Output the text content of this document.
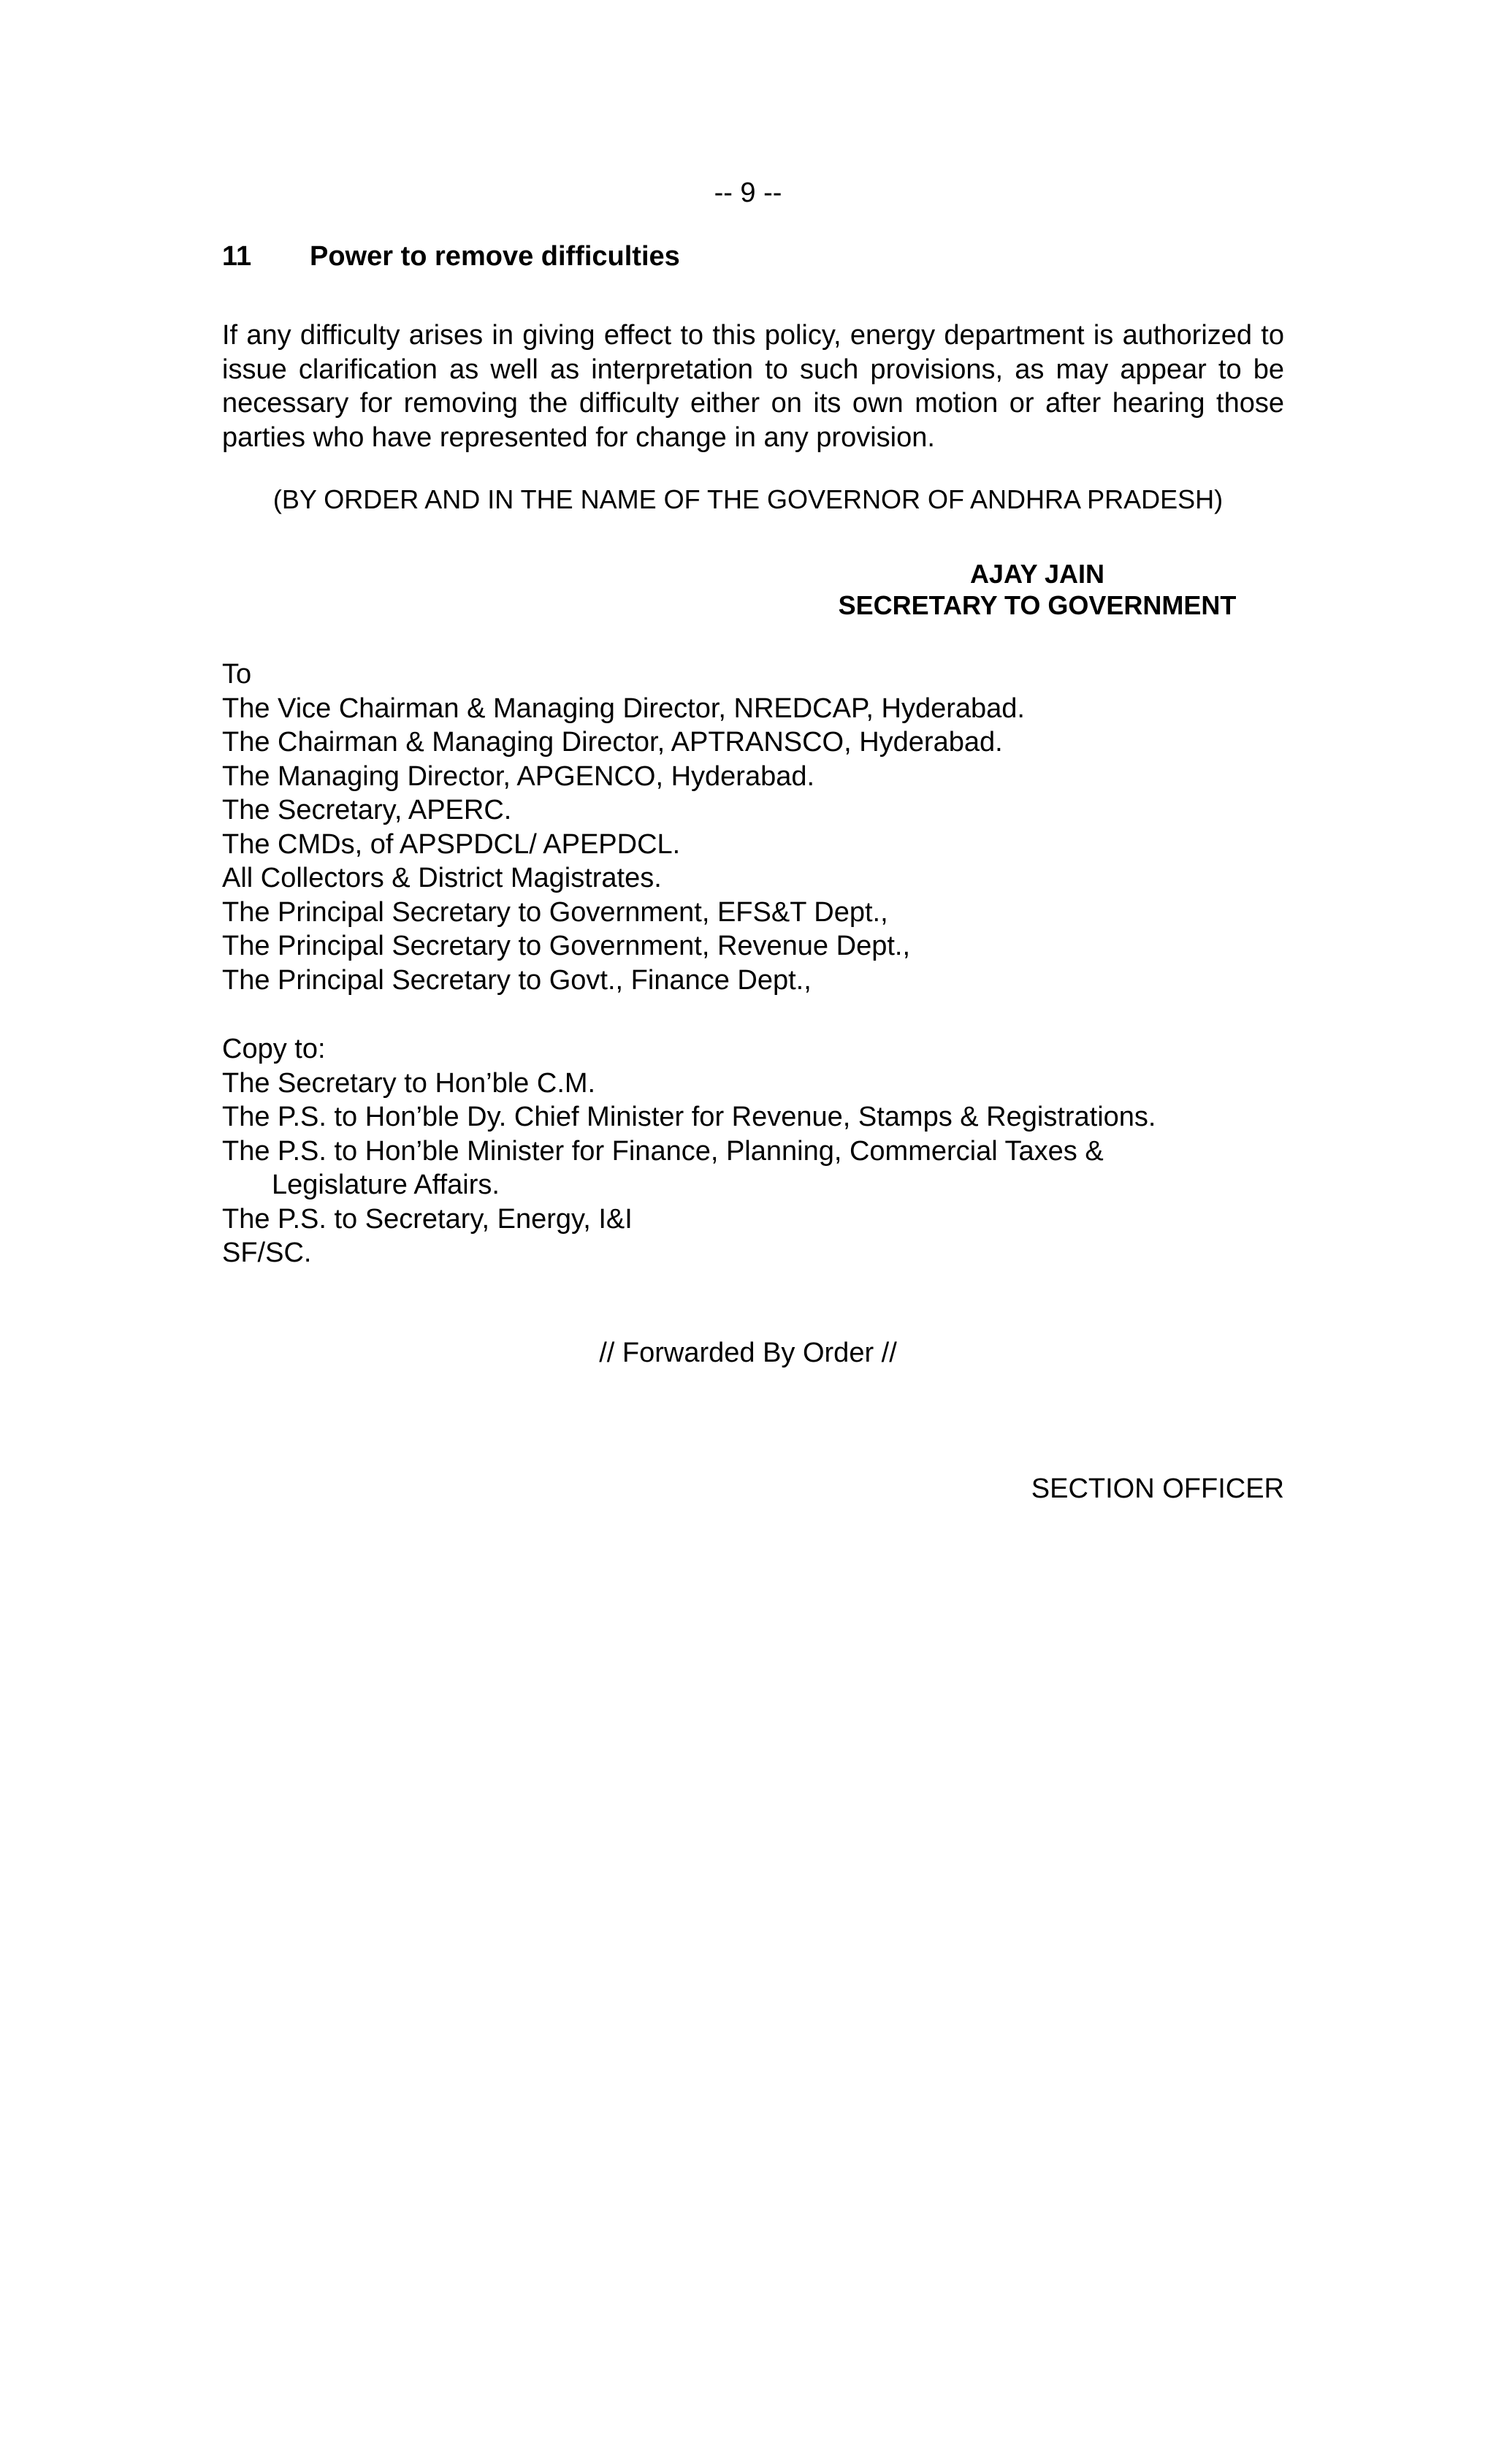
-- 9 --
11 Power to remove difficulties
If any difficulty arises in giving effect to this policy, energy department is authorized to issue clarification as well as interpretation to such provisions, as may appear to be necessary for removing the difficulty either on its own motion or after hearing those parties who have represented for change in any provision.
(BY ORDER AND IN THE NAME OF THE GOVERNOR OF ANDHRA PRADESH)
AJAY JAIN
SECRETARY TO GOVERNMENT
To
The Vice Chairman & Managing Director, NREDCAP, Hyderabad.
The Chairman & Managing Director, APTRANSCO, Hyderabad.
The Managing Director, APGENCO, Hyderabad.
The Secretary, APERC.
The CMDs, of APSPDCL/ APEPDCL.
All Collectors & District Magistrates.
The Principal Secretary to Government, EFS&T Dept.,
The Principal Secretary to Government, Revenue Dept.,
The Principal Secretary to Govt., Finance Dept.,
Copy to:
The Secretary to Hon’ble C.M.
The P.S. to Hon’ble Dy. Chief Minister for Revenue, Stamps & Registrations.
The P.S. to Hon’ble Minister for Finance, Planning, Commercial Taxes &
Legislature Affairs.
The P.S. to Secretary, Energy, I&I
SF/SC.
// Forwarded By Order //
SECTION OFFICER
